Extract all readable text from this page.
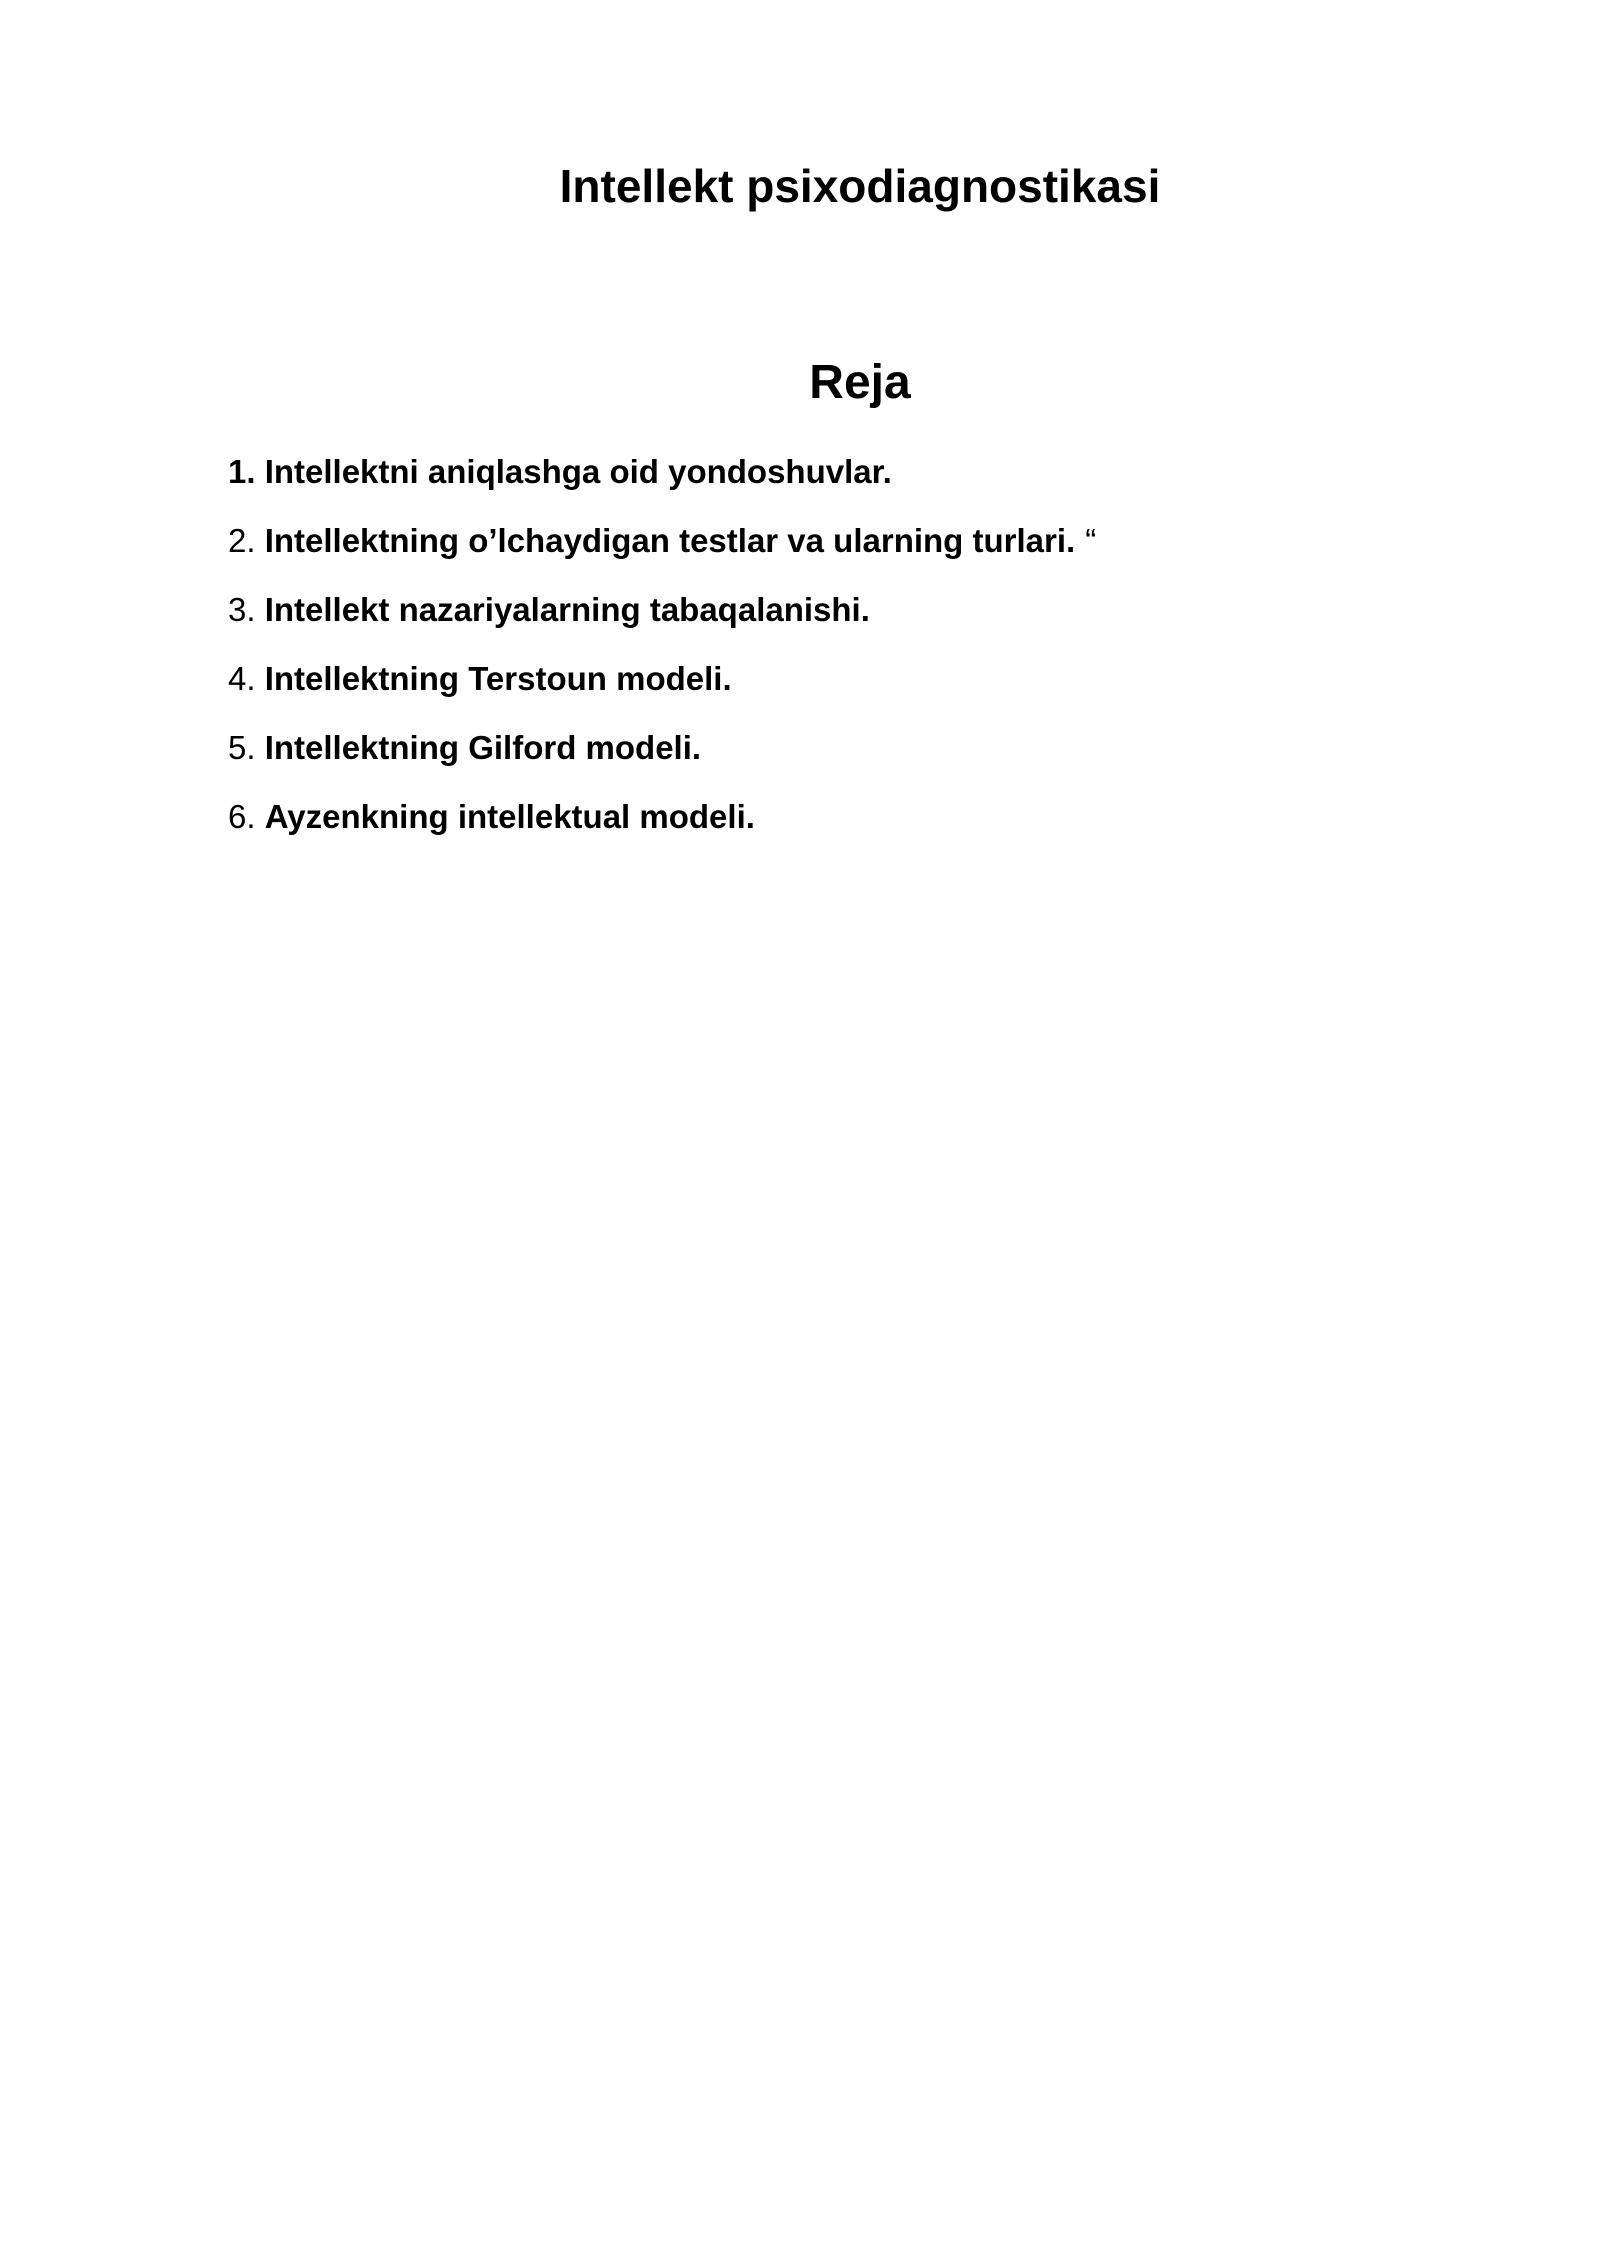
Intellekt psixodiagnostikasi
Reja
1. Intellektni aniqlashga oid yondoshuvlar.
2. Intellektning o’lchaydigan testlar va ularning turlari. “
3. Intellekt nazariyalarning tabaqalanishi.
4. Intellektning Terstoun modeli.
5. Intellektning Gilford modeli.
6. Ayzenkning intellektual modeli.
